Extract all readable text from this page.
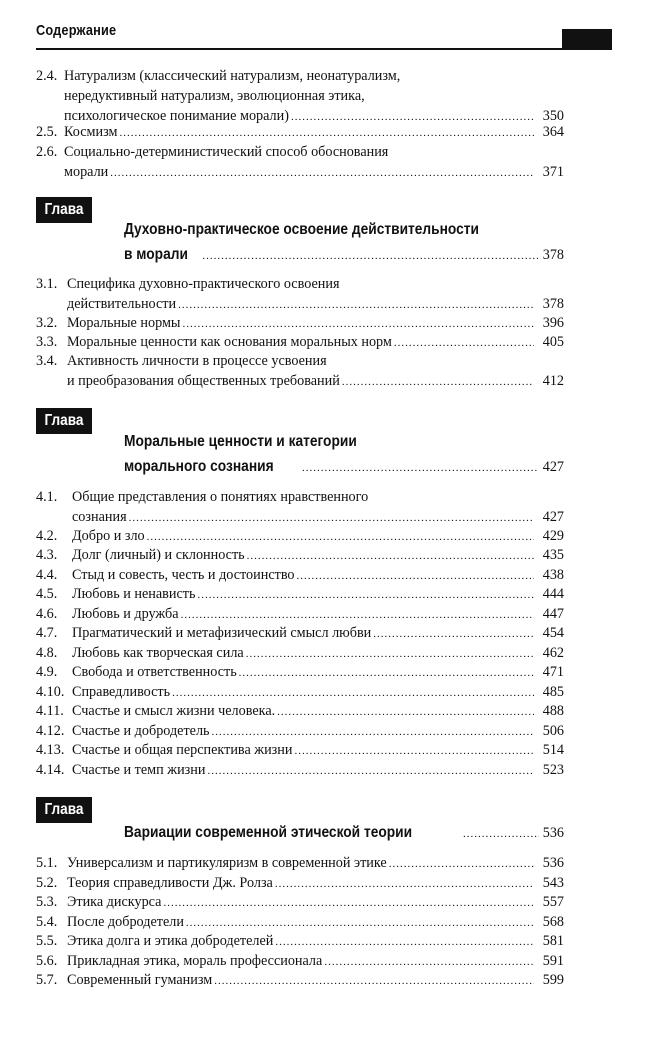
Содержание
2.4. Натурализм (классический натурализм, неонатурализм,
нередуктивный натурализм, эволюционная этика,
психологическое понимание морали) .....	350
2.5. Космизм .....	364
2.6. Социально-детерминистический способ обоснования
морали .....	371
Глава 3	Духовно-практическое освоение действительности
в морали .....	378
3.1. Специфика духовно-практического освоения
действительности .....	378
3.2. Моральные нормы .....	396
3.3. Моральные ценности как основания моральных норм .....	405
3.4. Активность личности в процессе усвоения
и преобразования общественных требований .....	412
Глава 4	Моральные ценности и категории
морального сознания .....	427
4.1. Общие представления о понятиях нравственного
сознания .....	427
4.2. Добро и зло .....	429
4.3. Долг (личный) и склонность .....	435
4.4. Стыд и совесть, честь и достоинство .....	438
4.5. Любовь и ненависть .....	444
4.6. Любовь и дружба .....	447
4.7. Прагматический и метафизический смысл любви .....	454
4.8. Любовь как творческая сила .....	462
4.9. Свобода и ответственность .....	471
4.10. Справедливость .....	485
4.11. Счастье и смысл жизни человека. .....	488
4.12. Счастье и добродетель .....	506
4.13. Счастье и общая перспектива жизни .....	514
4.14. Счастье и темп жизни .....	523
Глава 5	Вариации современной этической теории .....	536
5.1. Универсализм и партикуляризм в современной этике .....	536
5.2. Теория справедливости Дж. Ролза .....	543
5.3. Этика дискурса .....	557
5.4. После добродетели .....	568
5.5. Этика долга и этика добродетелей .....	581
5.6. Прикладная этика, мораль профессионала .....	591
5.7. Современный гуманизм .....	599
